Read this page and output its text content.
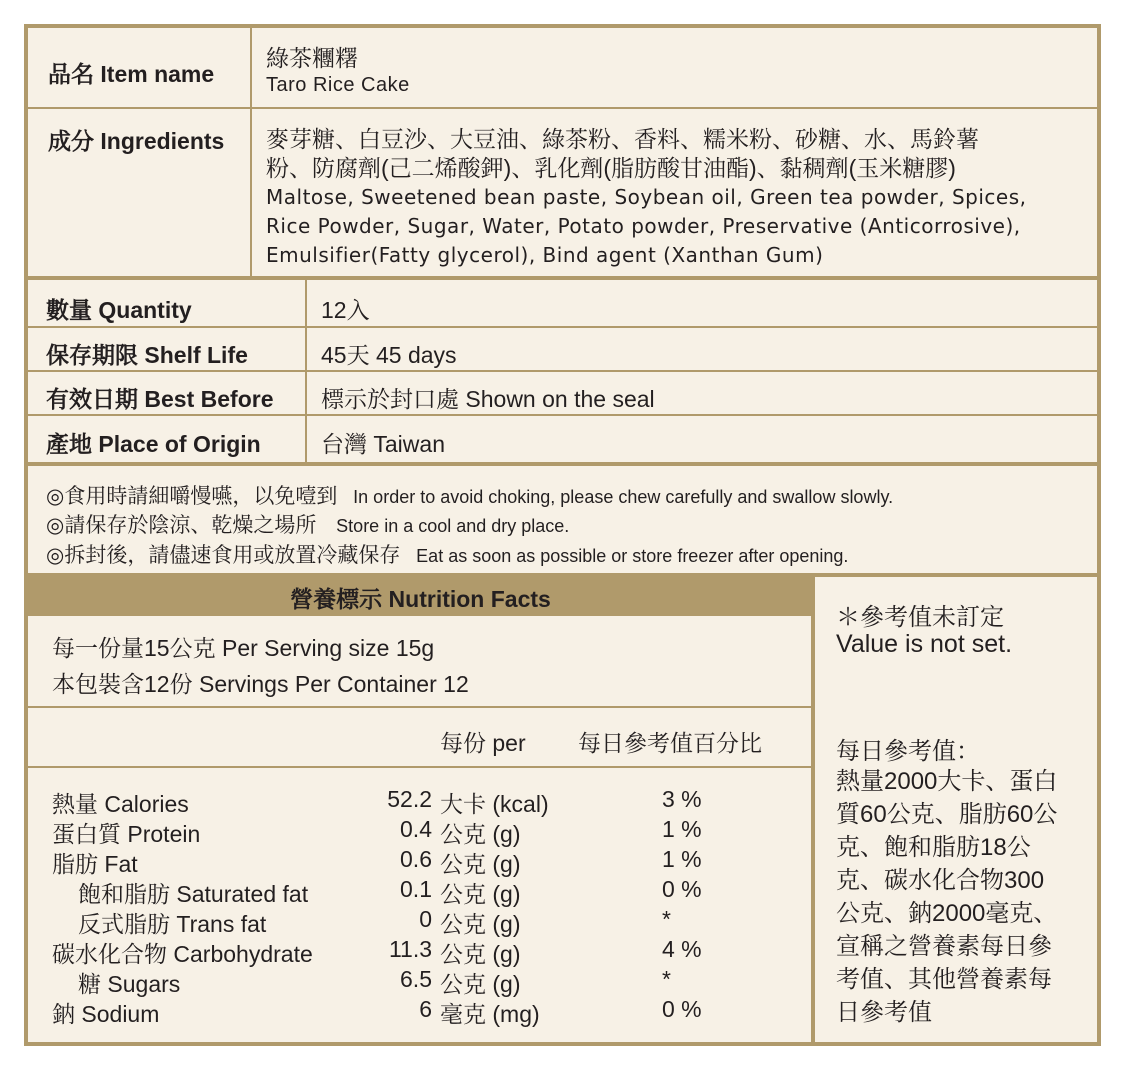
品名 Item name
綠茶糰糬
Taro Rice Cake
成分 Ingredients 麥芽糖、白豆沙、大豆油、綠茶粉、香料、糯米粉、砂糖、水、馬鈴薯
粉、防腐劑(己二烯酸鉀)、乳化劑(脂肪酸甘油酯)、黏稠劑(玉米糖膠)
Maltose, Sweetened bean paste, Soybean oil, Green tea powder, Spices,
Rice Powder, Sugar, Water, Potato powder, Preservative (Anticorrosive),
Emulsifier(Fatty glycerol), Bind agent (Xanthan Gum)
數量 Quantity	12入
保存期限 Shelf Life	45天 45 days
有效日期 Best Before 標示於封口處 Shown on the seal
產地 Place of Origin	台灣 Taiwan
◎食用時請細嚼慢嚥，以免噎到 In order to avoid choking, please chew carefully and swallow slowly.
◎請保存於陰涼、乾燥之場所 Store in a cool and dry place.
◎拆封後，請儘速食用或放置冷藏保存 Eat as soon as possible or store freezer after opening.
營養標示 Nutrition Facts
每一份量15公克 Per Serving size 15g
本包裝含12份 Servings Per Container 12
每份 per 每日參考值百分比
熱量 Calories	52.2 大卡 (kcal)	3 %
蛋白質 Protein	0.4 公克 (g)	1 %
脂肪 Fat	0.6 公克 (g)	1 %
飽和脂肪 Saturated fat	0.1 公克 (g)	0 %
反式脂肪 Trans fat	0 公克 (g)	*
碳水化合物 Carbohydrate	11.3 公克 (g)	4 %
糖 Sugars	6.5 公克 (g)	*
鈉 Sodium	6 毫克 (mg)	0 %
＊參考值未訂定
Value is not set.
每日參考值：
熱量2000大卡、蛋白
質60公克、脂肪60公
克、飽和脂肪18公
克、碳水化合物300
公克、鈉2000毫克、
宣稱之營養素每日參
考值、其他營養素每
日參考值
